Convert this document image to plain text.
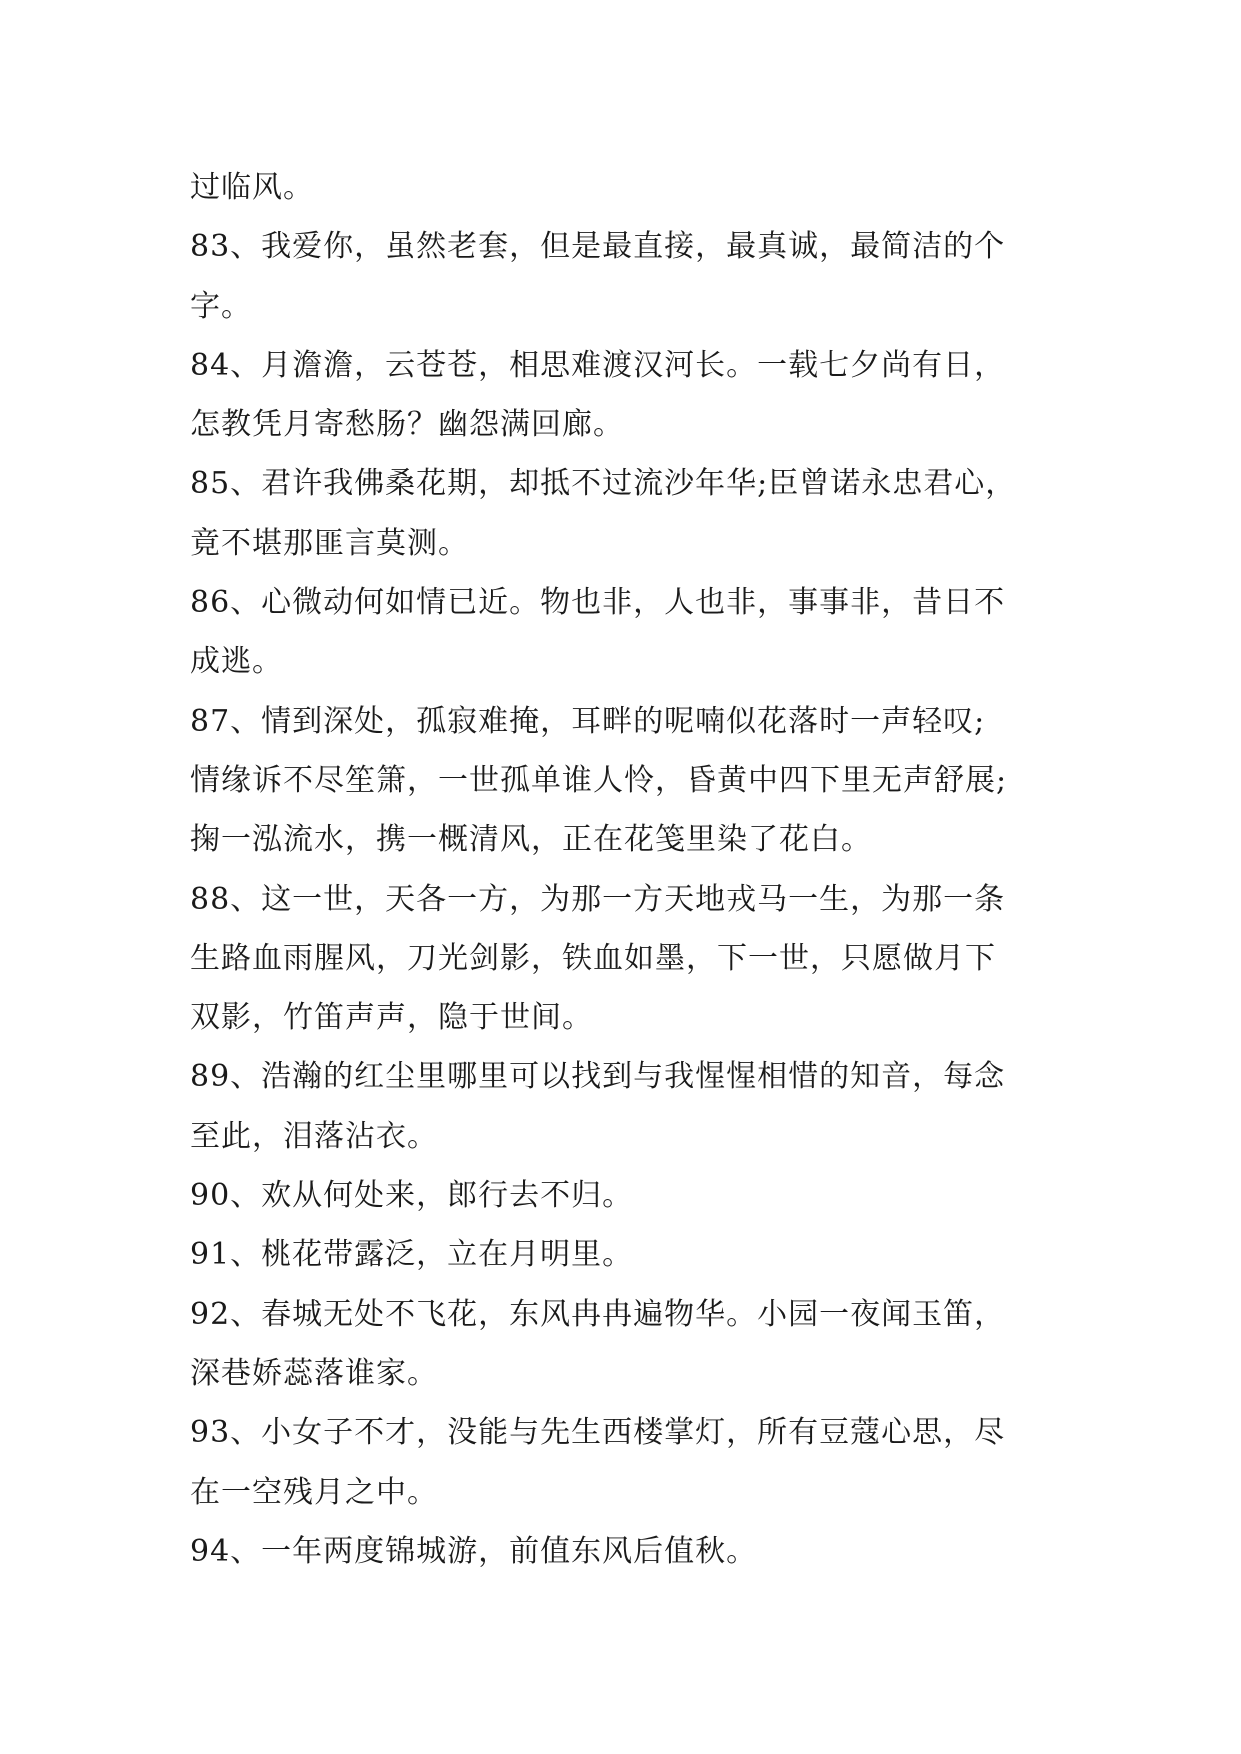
过临风。
83、我爱你，虽然老套，但是最直接，最真诚，最简洁的个
字。
84、月澹澹，云苍苍，相思难渡汉河长。一载七夕尚有日，
怎教凭月寄愁肠？幽怨满回廊。
85、君许我佛桑花期，却抵不过流沙年华;臣曾诺永忠君心，
竟不堪那匪言莫测。
86、心微动何如情已近。物也非，人也非，事事非，昔日不
成逃。
87、情到深处，孤寂难掩，耳畔的呢喃似花落时一声轻叹;
情缘诉不尽笙箫，一世孤单谁人怜，昏黄中四下里无声舒展;
掬一泓流水，携一概清风，正在花笺里染了花白。
88、这一世，天各一方，为那一方天地戎马一生，为那一条
生路血雨腥风，刀光剑影，铁血如墨，下一世，只愿做月下
双影，竹笛声声，隐于世间。
89、浩瀚的红尘里哪里可以找到与我惺惺相惜的知音，每念
至此，泪落沾衣。
90、欢从何处来，郎行去不归。
91、桃花带露泛，立在月明里。
92、春城无处不飞花，东风冉冉遍物华。小园一夜闻玉笛，
深巷娇蕊落谁家。
93、小女子不才，没能与先生西楼掌灯，所有豆蔻心思，尽
在一空残月之中。
94、一年两度锦城游，前值东风后值秋。
